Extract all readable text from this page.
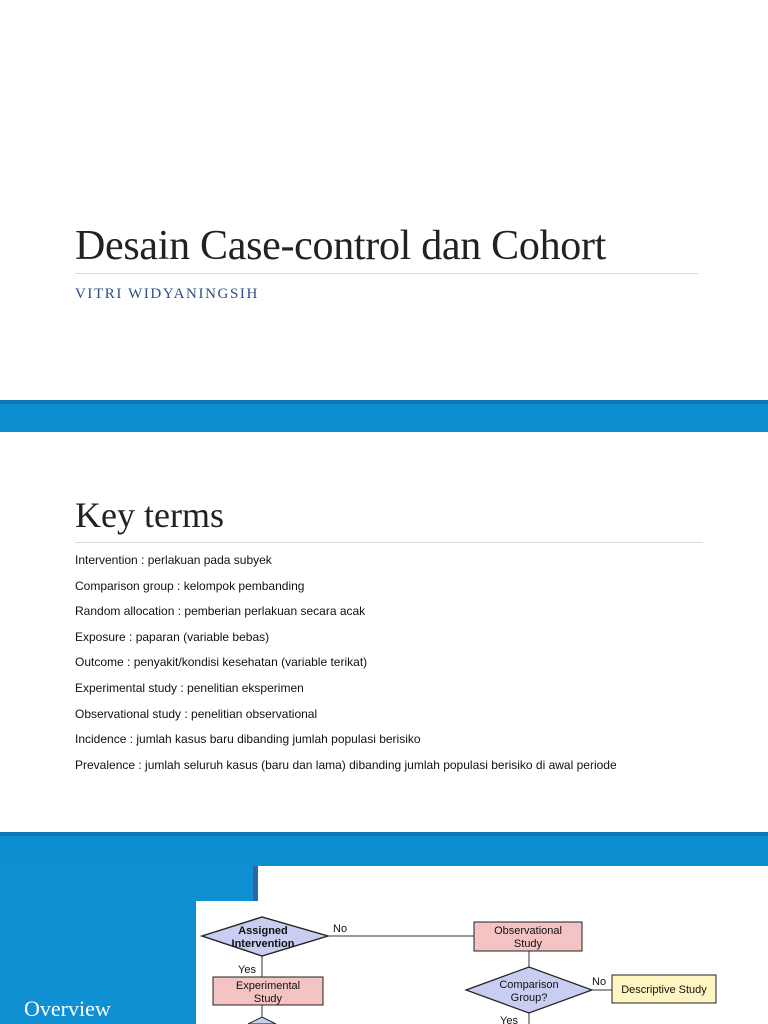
Desain Case-control dan Cohort
VITRI WIDYANINGSIH
Key terms
Intervention : perlakuan pada subyek
Comparison group : kelompok pembanding
Random allocation : pemberian perlakuan secara acak
Exposure : paparan (variable bebas)
Outcome : penyakit/kondisi kesehatan (variable terikat)
Experimental study : penelitian eksperimen
Observational study : penelitian observational
Incidence : jumlah kasus baru dibanding jumlah populasi berisiko
Prevalence : jumlah seluruh kasus (baru dan lama) dibanding jumlah populasi berisiko di awal periode
Overview
Assigned
Intervention
No
Yes
Experimental
Study
Observational
Study
Comparison
Group?
No
Descriptive Study
Yes
